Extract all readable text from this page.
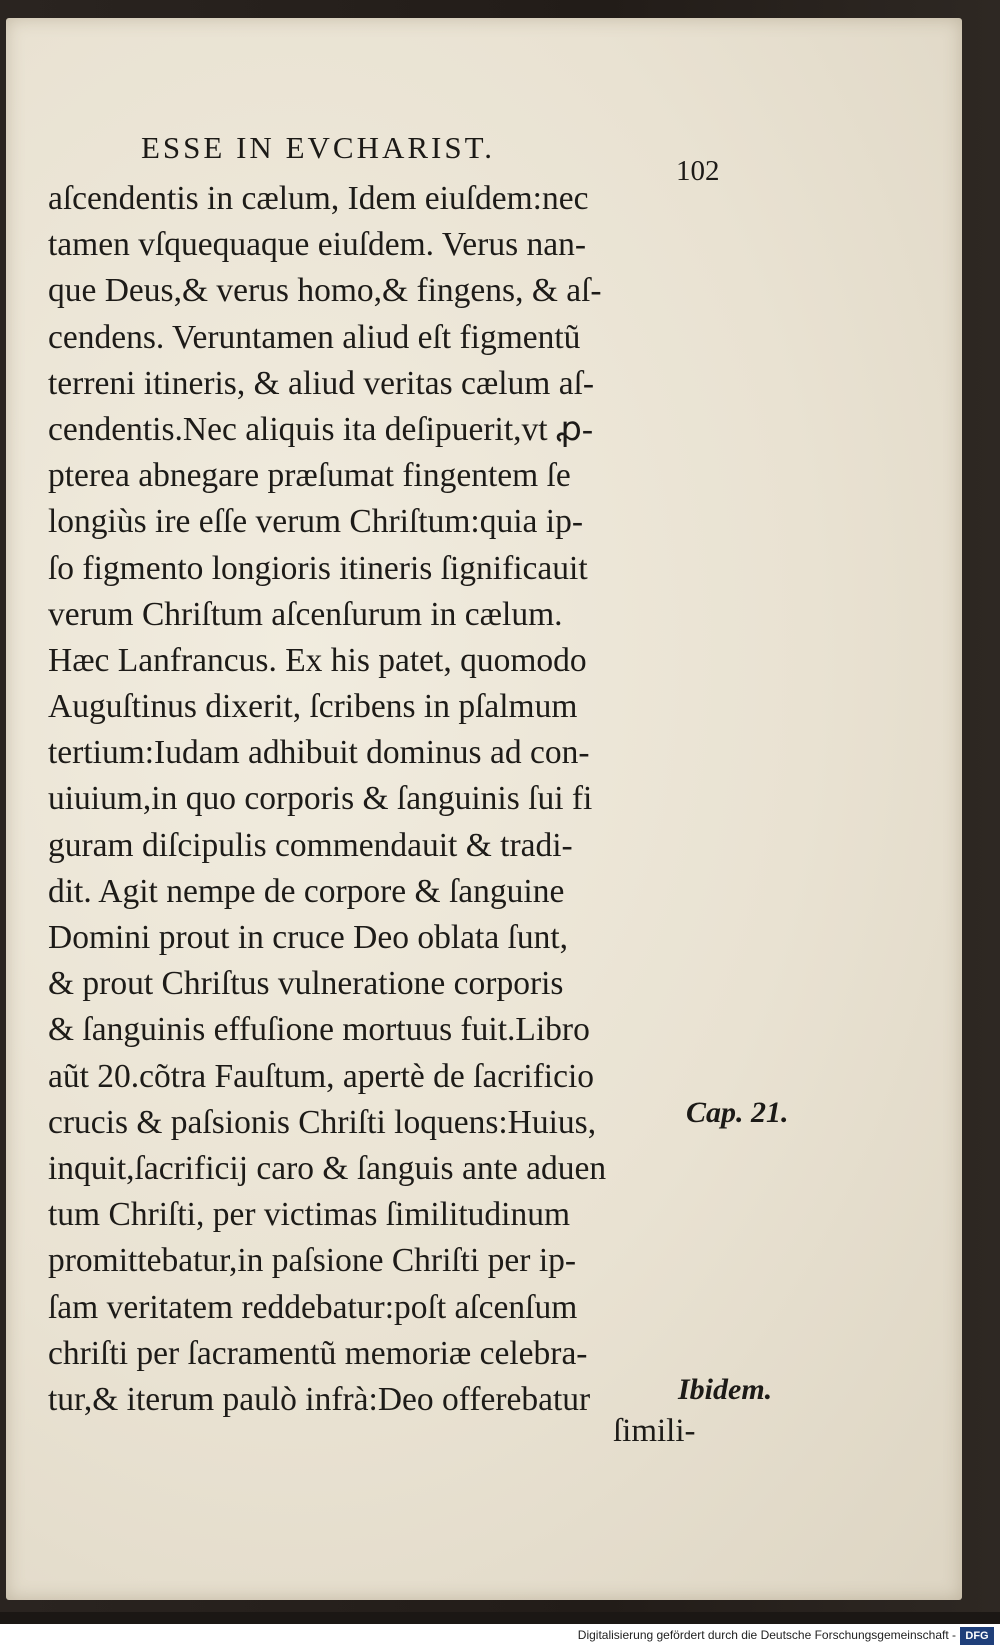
ESSE IN EVCHARIST.
102
aſcendentis in cælum, Idem eiuſdem:nec
tamen vſquequaque eiuſdem. Verus nan-
que Deus,& verus homo,& fingens, & aſ-
cendens. Veruntamen aliud eſt figmentũ
terreni itineris, & aliud veritas cælum aſ-
cendentis.Nec aliquis ita deſipuerit,vt ꝓ-
pterea abnegare præſumat fingentem ſe
longiùs ire eſſe verum Chriſtum:quia ip-
ſo figmento longioris itineris ſignificauit
verum Chriſtum aſcenſurum in cælum.
Hæc Lanfrancus. Ex his patet, quomodo
Auguſtinus dixerit, ſcribens in pſalmum
tertium:Iudam adhibuit dominus ad con-
uiuium,in quo corporis & ſanguinis ſui fi
guram diſcipulis commendauit & tradi-
dit. Agit nempe de corpore & ſanguine
Domini prout in cruce Deo oblata ſunt,
& prout Chriſtus vulneratione corporis
& ſanguinis effuſione mortuus fuit.Libro
aũt 20.cõtra Fauſtum, apertè de ſacrificio
crucis & paſsionis Chriſti loquens:Huius,
inquit,ſacrificij caro & ſanguis ante aduen
tum Chriſti, per victimas ſimilitudinum
promittebatur,in paſsione Chriſti per ip-
ſam veritatem reddebatur:poſt aſcenſum
chriſti per ſacramentũ memoriæ celebra-
tur,& iterum paulò infrà:Deo offerebatur
ſimili-
Cap. 21.
Ibidem.
Digitalisierung gefördert durch die Deutsche Forschungsgemeinschaft - DFG
